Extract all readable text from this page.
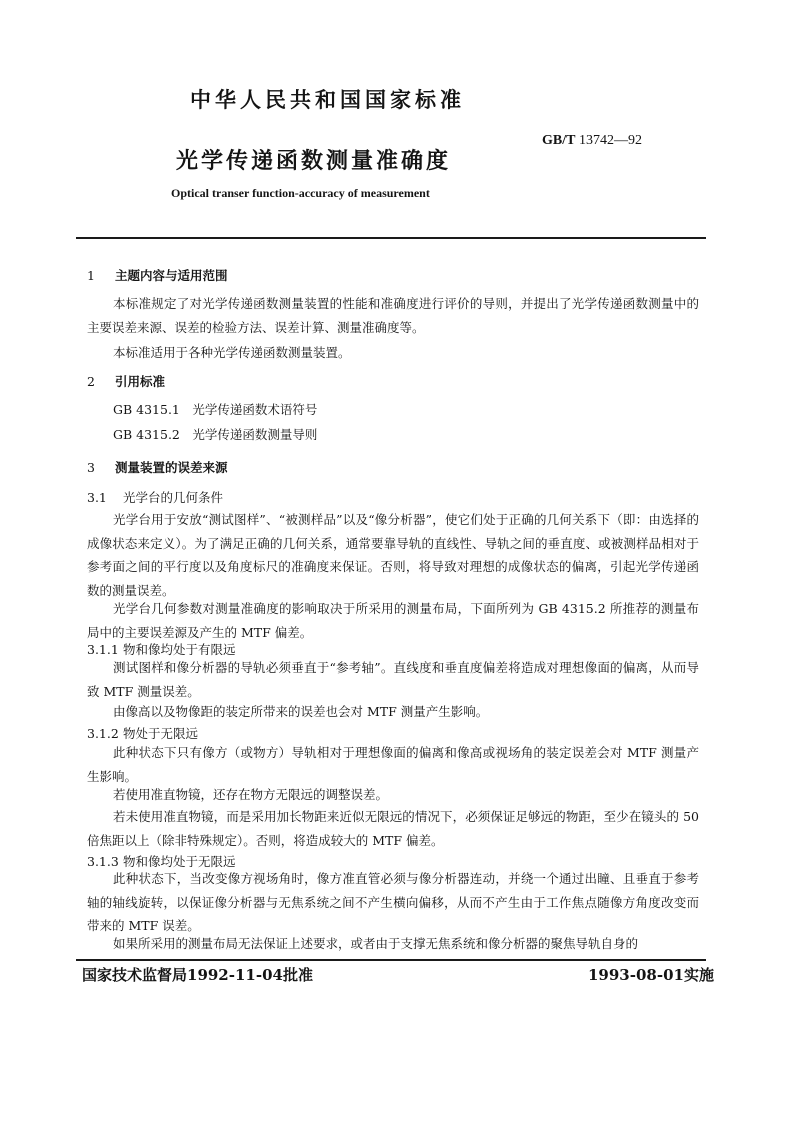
中华人民共和国国家标准
GB/T 13742—92
光学传递函数测量准确度
Optical transer function-accuracy of measurement
1 主题内容与适用范围
本标准规定了对光学传递函数测量装置的性能和准确度进行评价的导则，并提出了光学传递函数测量中的主要误差来源、误差的检验方法、误差计算、测量准确度等。
本标准适用于各种光学传递函数测量装置。
2 引用标准
GB 4315.1　光学传递函数术语符号
GB 4315.2　光学传递函数测量导则
3 测量装置的误差来源
3.1 光学台的几何条件
光学台用于安放“测试图样”、“被测样品”以及“像分析器”，使它们处于正确的几何关系下（即：由选择的成像状态来定义）。为了满足正确的几何关系，通常要靠导轨的直线性、导轨之间的垂直度、或被测样品相对于参考面之间的平行度以及角度标尺的准确度来保证。否则，将导致对理想的成像状态的偏离，引起光学传递函数的测量误差。
光学台几何参数对测量准确度的影响取决于所采用的测量布局，下面所列为 GB 4315.2 所推荐的测量布局中的主要误差源及产生的 MTF 偏差。
3.1.1 物和像均处于有限远
测试图样和像分析器的导轨必须垂直于“参考轴”。直线度和垂直度偏差将造成对理想像面的偏离，从而导致 MTF 测量误差。
由像高以及物像距的装定所带来的误差也会对 MTF 测量产生影响。
3.1.2 物处于无限远
此种状态下只有像方（或物方）导轨相对于理想像面的偏离和像高或视场角的装定误差会对 MTF 测量产生影响。
若使用准直物镜，还存在物方无限远的调整误差。
若未使用准直物镜，而是采用加长物距来近似无限远的情况下，必须保证足够远的物距，至少在镜头的 50 倍焦距以上（除非特殊规定）。否则，将造成较大的 MTF 偏差。
3.1.3 物和像均处于无限远
此种状态下，当改变像方视场角时，像方准直管必须与像分析器连动，并绕一个通过出瞳、且垂直于参考轴的轴线旋转，以保证像分析器与无焦系统之间不产生横向偏移，从而不产生由于工作焦点随像方角度改变而带来的 MTF 误差。
如果所采用的测量布局无法保证上述要求，或者由于支撑无焦系统和像分析器的聚焦导轨自身的
国家技术监督局1992-11-04批准	1993-08-01实施
